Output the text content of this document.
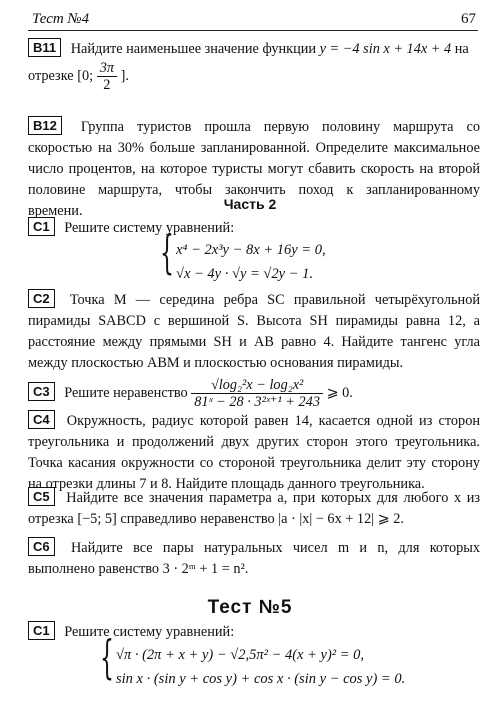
Тест №4	67
B11 Найдите наименьшее значение функции y = −4 sin x + 14x + 4 на
отрезке [0; $\frac{3\pi}{2}$ ].
B12 Группа туристов прошла первую половину маршрута со скоростью на 30% больше запланированной. Определите максимальное число процентов, на которое туристы могут сбавить скорость на второй половине маршрута, чтобы закончить поход к запланированному времени.	Часть 2
C1 Решите систему уравнений:
{ x⁴ − 2x³y − 8x + 16y = 0,
√x − 4y · √y = √2y − 1.
C2 Точка M — середина ребра SC правильной четырёхугольной пирамиды SABCD с вершиной S. Высота SH пирамиды равна 12, а расстояние между прямыми SH и AB равно 4. Найдите тангенс угла между плоскостью ABM и плоскостью основания пирамиды.
C3 Решите неравенство $\frac{\text{√log₂²x − log₂x²}}{\text{81ˣ − 28 · 3²ˣ⁺¹ + 243}}$ ⩾ 0.
C4 Окружность, радиус которой равен 14, касается одной из сторон треугольника и продолжений двух других сторон этого треугольника. Точка касания окружности со стороной треугольника делит эту сторону на отрезки длины 7 и 8. Найдите площадь данного треугольника.
C5 Найдите все значения параметра a, при которых для любого x из отрезка [−5; 5] справедливо неравенство |a · |x| − 6x + 12| ⩾ 2.
C6 Найдите все пары натуральных чисел m и n, для которых выполнено равенство 3 · 2ᵐ + 1 = n².
Тест №5
C1 Решите систему уравнений:
{ √π · (2π + x + y) − √2,5π² − 4(x + y)² = 0,
sin x · (sin y + cos y) + cos x · (sin y − cos y) = 0.
